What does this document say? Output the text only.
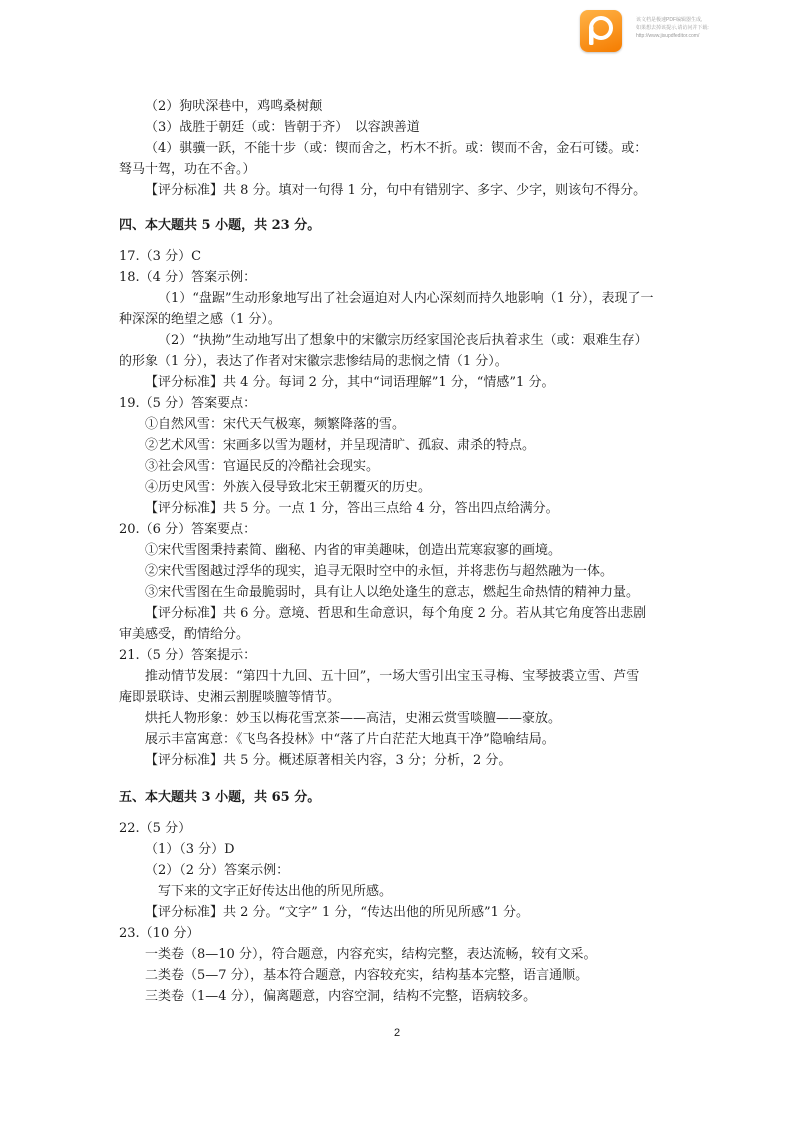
该文档是极速PDF编辑器生成,
如果想去掉该提示,请访问并下载:
http://www.jisupdfeditor.com/
（2）狗吠深巷中，鸡鸣桑树颠
（3）战胜于朝廷（或：皆朝于齐）　以容諛善道
（4）骐骥一跃，不能十步（或：锲而舍之，朽木不折。或：锲而不舍，金石可镂。或：
驽马十驾，功在不舍。）
【评分标准】共 8 分。填对一句得 1 分，句中有错别字、多字、少字，则该句不得分。
四、本大题共 5 小题，共 23 分。
17.（3 分）C
18.（4 分）答案示例：
（1）“盘踞”生动形象地写出了社会逼迫对人内心深刻而持久地影响（1 分），表现了一
种深深的绝望之感（1 分）。
（2）“执拗”生动地写出了想象中的宋徽宗历经家国沦丧后执着求生（或：艰难生存）
的形象（1 分），表达了作者对宋徽宗悲惨结局的悲悯之情（1 分）。
【评分标准】共 4 分。每词 2 分，其中“词语理解”1 分，“情感”1 分。
19.（5 分）答案要点：
①自然风雪：宋代天气极寒，频繁降落的雪。
②艺术风雪：宋画多以雪为题材，并呈现清旷、孤寂、肃杀的特点。
③社会风雪：官逼民反的冷酷社会现实。
④历史风雪：外族入侵导致北宋王朝覆灭的历史。
【评分标准】共 5 分。一点 1 分，答出三点给 4 分，答出四点给满分。
20.（6 分）答案要点：
①宋代雪图秉持素简、幽秘、内省的审美趣味，创造出荒寒寂寥的画境。
②宋代雪图越过浮华的现实，追寻无限时空中的永恒，并将悲伤与超然融为一体。
③宋代雪图在生命最脆弱时，具有让人以绝处逢生的意志，燃起生命热情的精神力量。
【评分标准】共 6 分。意境、哲思和生命意识，每个角度 2 分。若从其它角度答出悲剧
审美感受，酌情给分。
21.（5 分）答案提示：
推动情节发展：“第四十九回、五十回”，一场大雪引出宝玉寻梅、宝琴披裘立雪、芦雪
庵即景联诗、史湘云割腥啖膻等情节。
烘托人物形象：妙玉以梅花雪烹茶——高洁，史湘云赏雪啖膻——豪放。
展示丰富寓意：《飞鸟各投林》中“落了片白茫茫大地真干净”隐喻结局。
【评分标准】共 5 分。概述原著相关内容，3 分；分析，2 分。
五、本大题共 3 小题，共 65 分。
22.（5 分）
（1）（3 分）D
（2）（2 分）答案示例：
写下来的文字正好传达出他的所见所感。
【评分标准】共 2 分。“文字” 1 分，“传达出他的所见所感”1 分。
23.（10 分）
一类卷（8—10 分），符合题意，内容充实，结构完整，表达流畅，较有文采。
二类卷（5—7 分），基本符合题意，内容较充实，结构基本完整，语言通顺。
三类卷（1—4 分），偏离题意，内容空洞，结构不完整，语病较多。
2
